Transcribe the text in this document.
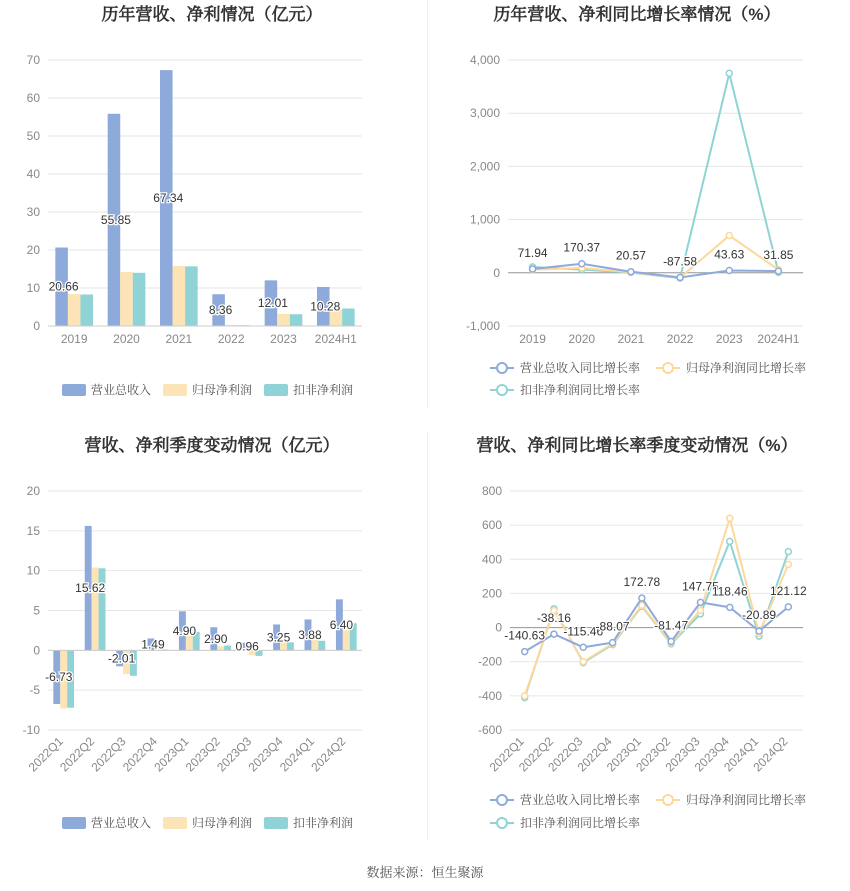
历年营收、净利情况（亿元）
0
10
20
30
40
50
60
70
2019 2020 2021 2022 2023 2024H1
20.66
55.85
67.34
8.36 12.01 10.28
营业总收入	归母净利润	扣非净利润
历年营收、净利同比增长率情况（%）
-1,000
0
1,000
2,000
3,000
4,000
2019 2020 2021 2022 2023 2024H1
71.94 170.37
20.57 -87.58 43.63 31.85
营业总收入同比增长率	归母净利润同比增长率
扣非净利润同比增长率
营收、净利季度变动情况（亿元）
-10
-5
0
5
10
15
20
2022Q1
2022Q2
2022Q3
2022Q4
2023Q1
2023Q2
2023Q3
2023Q4
2024Q1
2024Q2
-6.73
15.62
-2.01
1.49
4.90
2.90
0.96
3.25 3.88
6.40
营业总收入	归母净利润	扣非净利润
营收、净利同比增长率季度变动情况（%）
-600
-400
-200
0
200
400
600
800
2022Q1
2022Q2
2022Q3
2022Q4
2023Q1
2023Q2
2023Q3
2023Q4
2024Q1
2024Q2
-140.63
-38.16
-115.46
-88.07
172.78
-81.47
147.75
118.46
-20.89
121.12
营业总收入同比增长率	归母净利润同比增长率
扣非净利润同比增长率
数据来源：恒生聚源
